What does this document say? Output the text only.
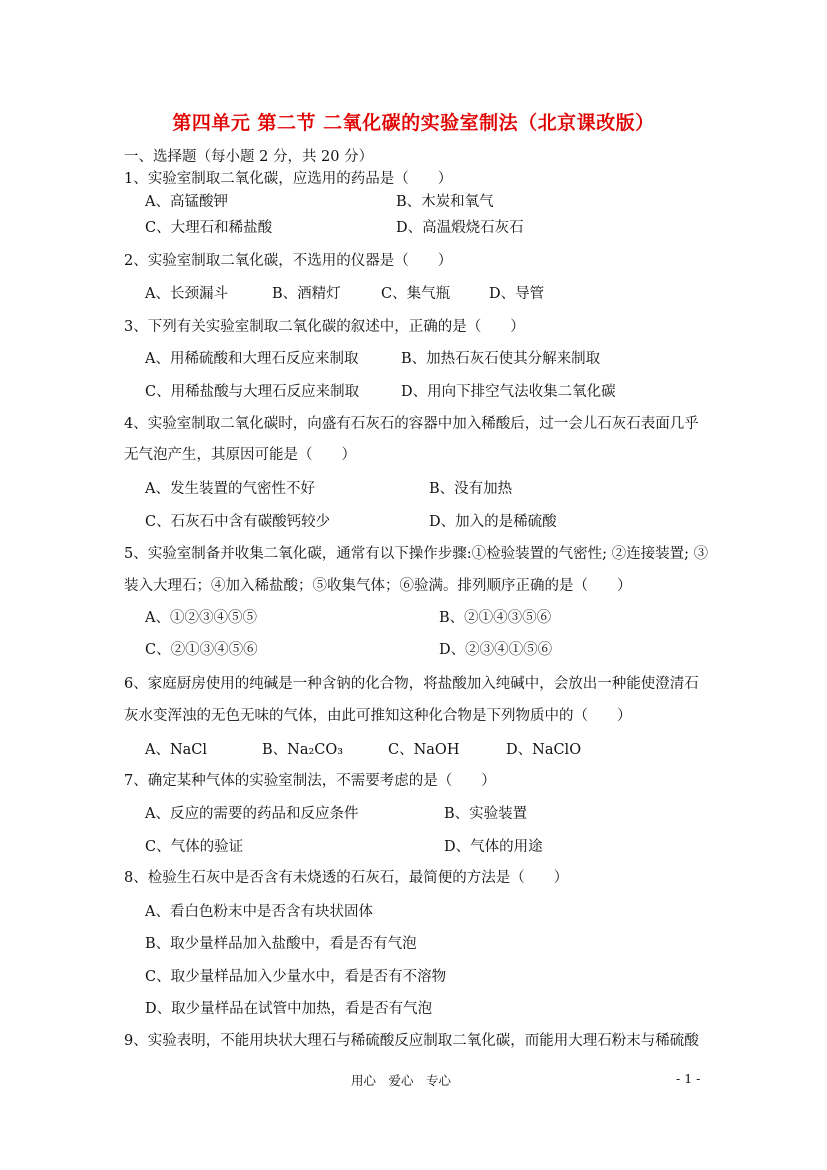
第四单元 第二节 二氧化碳的实验室制法（北京课改版）
一、选择题（每小题 2 分，共 20 分）
1、实验室制取二氧化碳，应选用的药品是（　　）
A、高锰酸钾	B、木炭和氧气
C、大理石和稀盐酸	D、高温煅烧石灰石
2、实验室制取二氧化碳，不选用的仪器是（　　）
A、长颈漏斗	B、酒精灯	C、集气瓶	D、导管
3、下列有关实验室制取二氧化碳的叙述中，正确的是（　　）
A、用稀硫酸和大理石反应来制取	B、加热石灰石使其分解来制取
C、用稀盐酸与大理石反应来制取	D、用向下排空气法收集二氧化碳
4、实验室制取二氧化碳时，向盛有石灰石的容器中加入稀酸后，过一会儿石灰石表面几乎
无气泡产生，其原因可能是（　　）
A、发生装置的气密性不好	B、没有加热
C、石灰石中含有碳酸钙较少	D、加入的是稀硫酸
5、实验室制备并收集二氧化碳，通常有以下操作步骤:①检验装置的气密性; ②连接装置; ③
装入大理石；④加入稀盐酸；⑤收集气体；⑥验满。排列顺序正确的是（　　）
A、①②③④⑤⑤	B、②①④③⑤⑥
C、②①③④⑤⑥	D、②③④①⑤⑥
6、家庭厨房使用的纯碱是一种含钠的化合物，将盐酸加入纯碱中，会放出一种能使澄清石
灰水变浑浊的无色无味的气体，由此可推知这种化合物是下列物质中的（　　）
A、NaCl	B、Na₂CO₃	C、NaOH	D、NaClO
7、确定某种气体的实验室制法，不需要考虑的是（　　）
A、反应的需要的药品和反应条件	B、实验装置
C、气体的验证	D、气体的用途
8、检验生石灰中是否含有未烧透的石灰石，最简便的方法是（　　）
A、看白色粉末中是否含有块状固体
B、取少量样品加入盐酸中，看是否有气泡
C、取少量样品加入少量水中，看是否有不溶物
D、取少量样品在试管中加热，看是否有气泡
9、实验表明，不能用块状大理石与稀硫酸反应制取二氧化碳，而能用大理石粉末与稀硫酸
用心　爱心　专心	- 1 -
